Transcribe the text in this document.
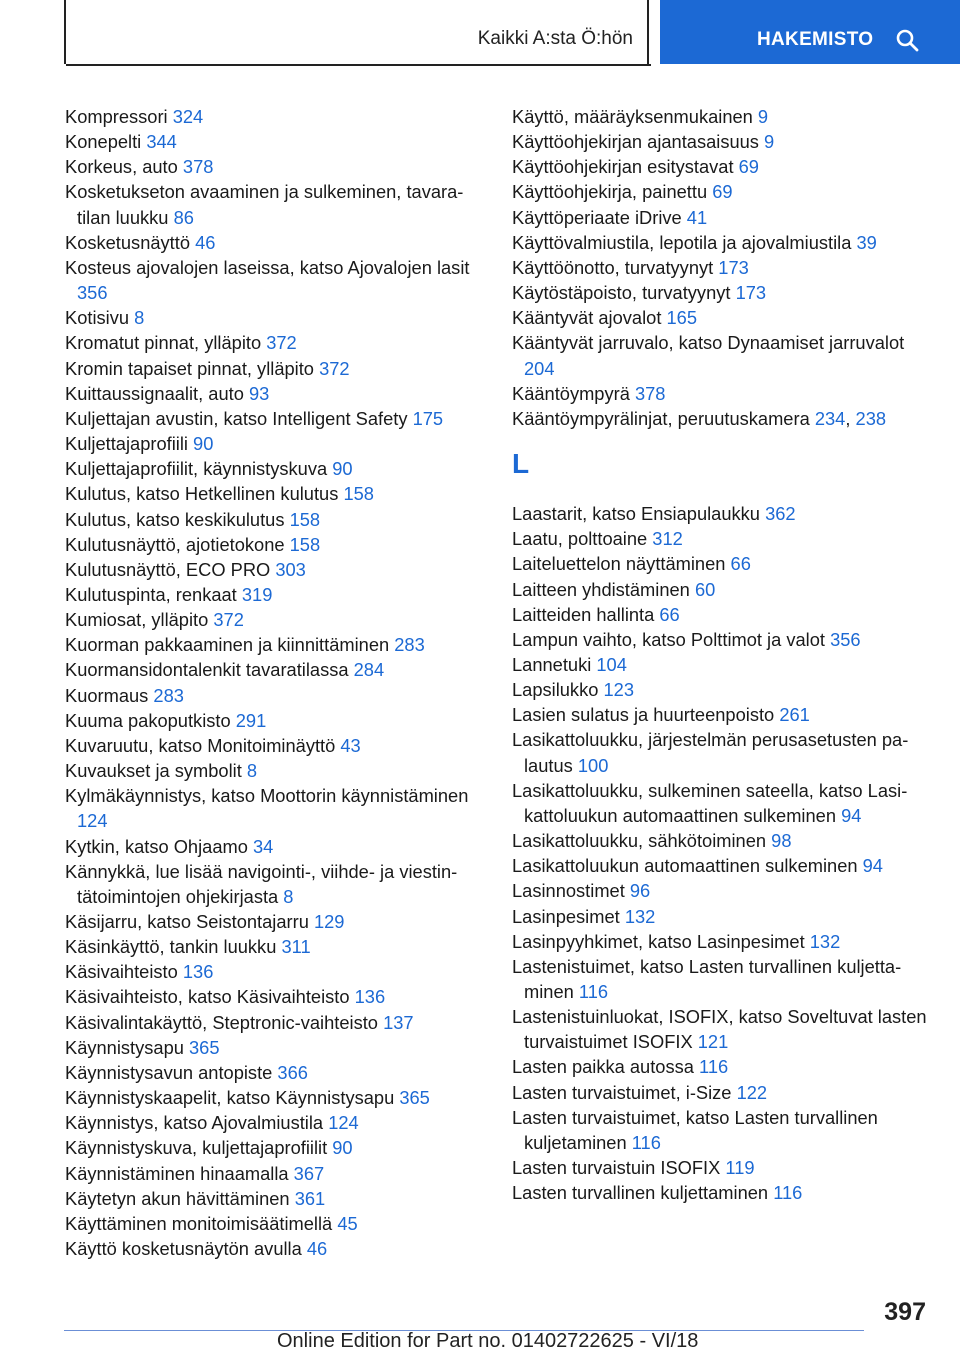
Kaikki A:sta Ö:hön	HAKEMISTO
Kompressori 324
Konepelti 344
Korkeus, auto 378
Kosketukseton avaaminen ja sulkeminen, tavaratilan luukku 86
Kosketusnäyttö 46
Kosteus ajovalojen laseissa, katso Ajovalojen lasit 356
Kotisivu 8
Kromatut pinnat, ylläpito 372
Kromin tapaiset pinnat, ylläpito 372
Kuittaussignaalit, auto 93
Kuljettajan avustin, katso Intelligent Safety 175
Kuljettajaprofiili 90
Kuljettajaprofiilit, käynnistyskuva 90
Kulutus, katso Hetkellinen kulutus 158
Kulutus, katso keskikulutus 158
Kulutusnäyttö, ajotietokone 158
Kulutusnäyttö, ECO PRO 303
Kulutuspinta, renkaat 319
Kumiosat, ylläpito 372
Kuorman pakkaaminen ja kiinnittäminen 283
Kuormansidontalenkit tavaratilassa 284
Kuormaus 283
Kuuma pakoputkisto 291
Kuvaruutu, katso Monitoiminäyttö 43
Kuvaukset ja symbolit 8
Kylmäkäynnistys, katso Moottorin käynnistäminen 124
Kytkin, katso Ohjaamo 34
Kännykkä, lue lisää navigointi-, viihde- ja viestintätoimintojen ohjekirjasta 8
Käsijarru, katso Seistontajarru 129
Käsinkäyttö, tankin luukku 311
Käsivaihteisto 136
Käsivaihteisto, katso Käsivaihteisto 136
Käsivalintakäyttö, Steptronic-vaihteisto 137
Käynnistysapu 365
Käynnistysavun antopiste 366
Käynnistyskaapelit, katso Käynnistysapu 365
Käynnistys, katso Ajovalmiustila 124
Käynnistyskuva, kuljettajaprofiilit 90
Käynnistäminen hinaamalla 367
Käytetyn akun hävittäminen 361
Käyttäminen monitoimisäätimellä 45
Käyttö kosketusnäytön avulla 46
Käyttö, määräyksenmukainen 9
Käyttöohjekirjan ajantasaisuus 9
Käyttöohjekirjan esitystavat 69
Käyttöohjekirja, painettu 69
Käyttöperiaate iDrive 41
Käyttövalmiustila, lepotila ja ajovalmiustila 39
Käyttöönotto, turvatyynyt 173
Käytöstäpoisto, turvatyynyt 173
Kääntyvät ajovalot 165
Kääntyvät jarruvalo, katso Dynaamiset jarruvalot 204
Kääntöympyrä 378
Kääntöympyrälinjat, peruutuskamera 234, 238
L
Laastarit, katso Ensiapulaukku 362
Laatu, polttoaine 312
Laiteluettelon näyttäminen 66
Laitteen yhdistäminen 60
Laitteiden hallinta 66
Lampun vaihto, katso Polttimot ja valot 356
Lannetuki 104
Lapsilukko 123
Lasien sulatus ja huurteenpoisto 261
Lasikattoluukku, järjestelmän perusasetusten palautus 100
Lasikattoluukku, sulkeminen sateella, katso Lasikattoluukun automaattinen sulkeminen 94
Lasikattoluukku, sähkötoiminen 98
Lasikattoluukun automaattinen sulkeminen 94
Lasinnostimet 96
Lasinpesimet 132
Lasinpyyhkimet, katso Lasinpesimet 132
Lastenistuimet, katso Lasten turvallinen kuljettaminen 116
Lastenistuinluokat, ISOFIX, katso Soveltuvat lasten turvaistuimet ISOFIX 121
Lasten paikka autossa 116
Lasten turvaistuimet, i-Size 122
Lasten turvaistuimet, katso Lasten turvallinen kuljetaminen 116
Lasten turvaistuin ISOFIX 119
Lasten turvallinen kuljettaminen 116
397
Online Edition for Part no. 01402722625 - VI/18
